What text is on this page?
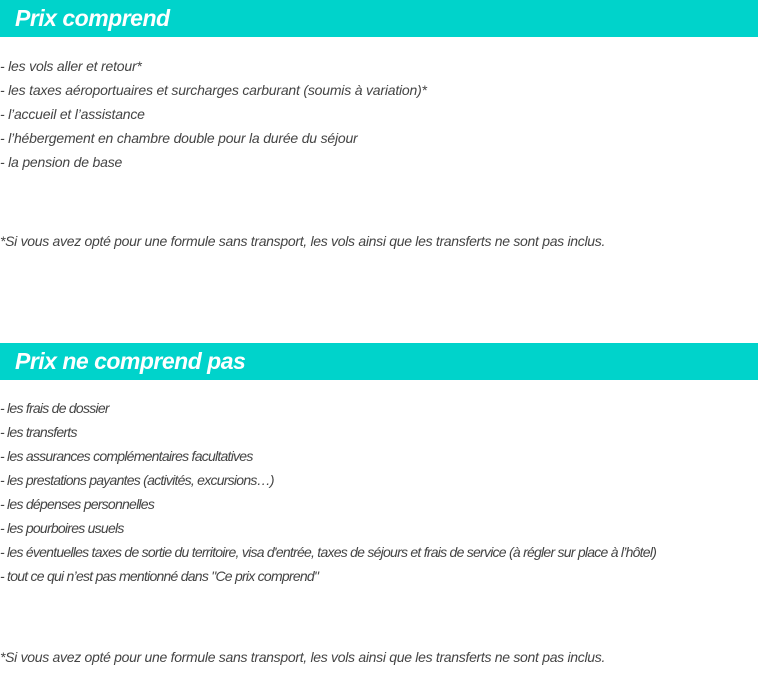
Prix comprend
- les vols aller et retour*
- les taxes aéroportuaires et surcharges carburant (soumis à variation)*
- l’accueil et l’assistance
- l’hébergement en chambre double pour la durée du séjour
- la pension de base

*Si vous avez opté pour une formule sans transport, les vols ainsi que les transferts ne sont pas inclus.

Prix ne comprend pas
- les frais de dossier
- les transferts
- les assurances complémentaires facultatives
- les prestations payantes (activités, excursions…)
- les dépenses personnelles
- les pourboires usuels
- les éventuelles taxes de sortie du territoire, visa d'entrée, taxes de séjours et frais de service (à régler sur place à l’hôtel)
- tout ce qui n’est pas mentionné dans "Ce prix comprend"

*Si vous avez opté pour une formule sans transport, les vols ainsi que les transferts ne sont pas inclus.
